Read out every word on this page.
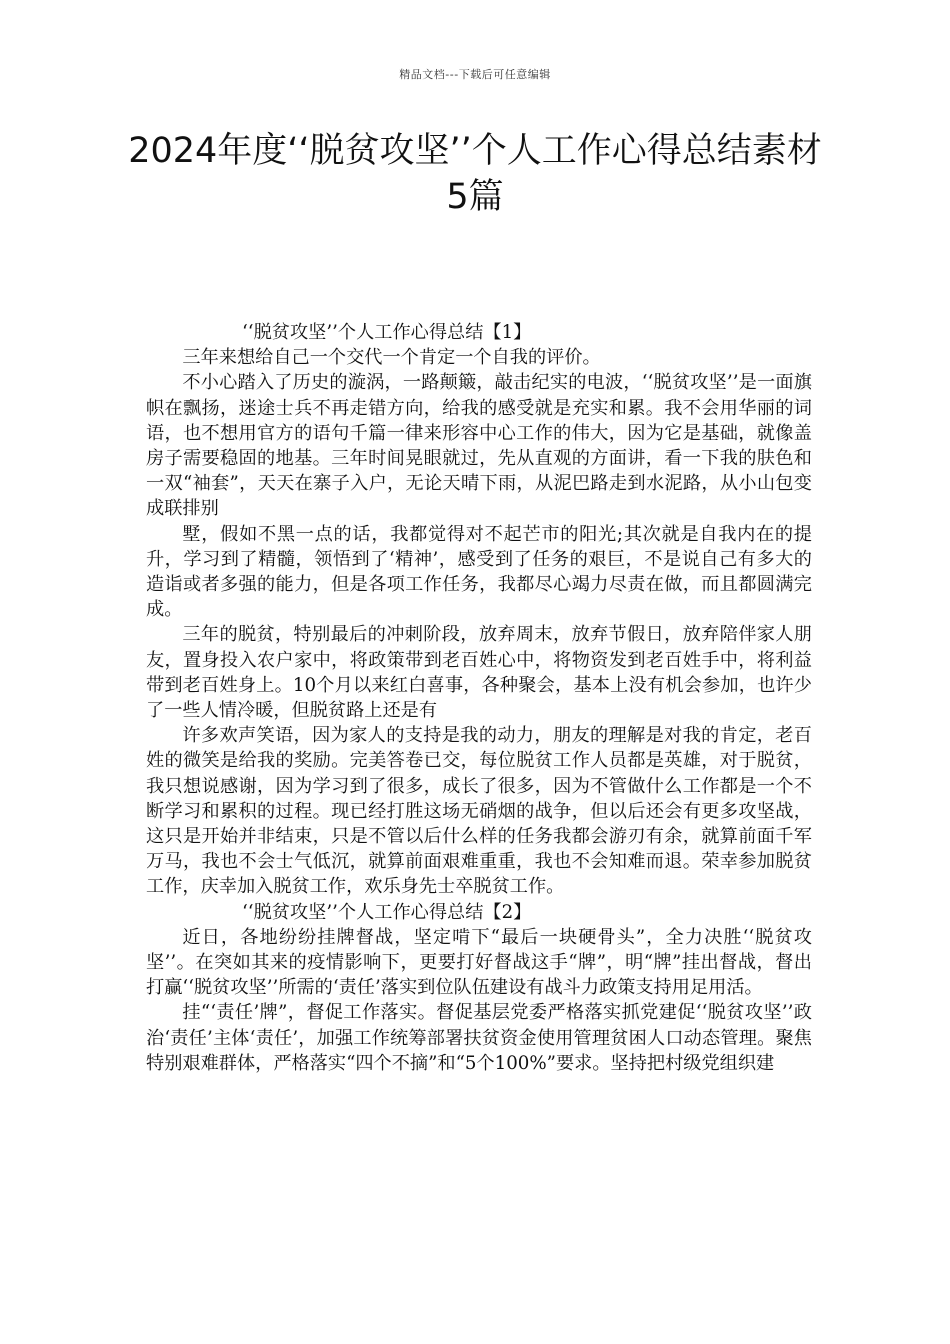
精品文档---下载后可任意编辑
2024年度‘‘脱贫攻坚’’个人工作心得总结素材5篇

‘‘脱贫攻坚’’个人工作心得总结【1】

三年来想给自己一个交代一个肯定一个自我的评价。

不小心踏入了历史的漩涡，一路颠簸，敲击纪实的电波，‘‘脱贫攻坚’’是一面旗帜在飘扬，迷途士兵不再走错方向，给我的感受就是充实和累。我不会用华丽的词语，也不想用官方的语句千篇一律来形容中心工作的伟大，因为它是基础，就像盖房子需要稳固的地基。三年时间晃眼就过，先从直观的方面讲，看一下我的肤色和一双“袖套”，天天在寨子入户，无论天晴下雨，从泥巴路走到水泥路，从小山包变成联排别

墅，假如不黑一点的话，我都觉得对不起芒市的阳光;其次就是自我内在的提升，学习到了精髓，领悟到了‘精神’，感受到了任务的艰巨，不是说自己有多大的造诣或者多强的能力，但是各项工作任务，我都尽心竭力尽责在做，而且都圆满完成。

三年的脱贫，特别最后的冲刺阶段，放弃周末，放弃节假日，放弃陪伴家人朋友，置身投入农户家中，将政策带到老百姓心中，将物资发到老百姓手中，将利益带到老百姓身上。10个月以来红白喜事，各种聚会，基本上没有机会参加，也许少了一些人情冷暖，但脱贫路上还是有

许多欢声笑语，因为家人的支持是我的动力，朋友的理解是对我的肯定，老百姓的微笑是给我的奖励。完美答卷已交，每位脱贫工作人员都是英雄，对于脱贫，我只想说感谢，因为学习到了很多，成长了很多，因为不管做什么工作都是一个不断学习和累积的过程。现已经打胜这场无硝烟的战争，但以后还会有更多攻坚战，这只是开始并非结束，只是不管以后什么样的任务我都会游刃有余，就算前面千军万马，我也不会士气低沉，就算前面艰难重重，我也不会知难而退。荣幸参加脱贫工作，庆幸加入脱贫工作，欢乐身先士卒脱贫工作。

‘‘脱贫攻坚’’个人工作心得总结【2】

近日，各地纷纷挂牌督战，坚定啃下“最后一块硬骨头”，全力决胜‘‘脱贫攻坚’’。在突如其来的疫情影响下，更要打好督战这手“牌”，明“牌”挂出督战，督出打赢‘‘脱贫攻坚’’所需的‘责任’落实到位队伍建设有战斗力政策支持用足用活。

挂“‘责任’牌”，督促工作落实。督促基层党委严格落实抓党建促‘‘脱贫攻坚’’政治‘责任’主体‘责任’，加强工作统筹部署扶贫资金使用管理贫困人口动态管理。聚焦特别艰难群体，严格落实“四个不摘”和“5个100%”要求。坚持把村级党组织建
